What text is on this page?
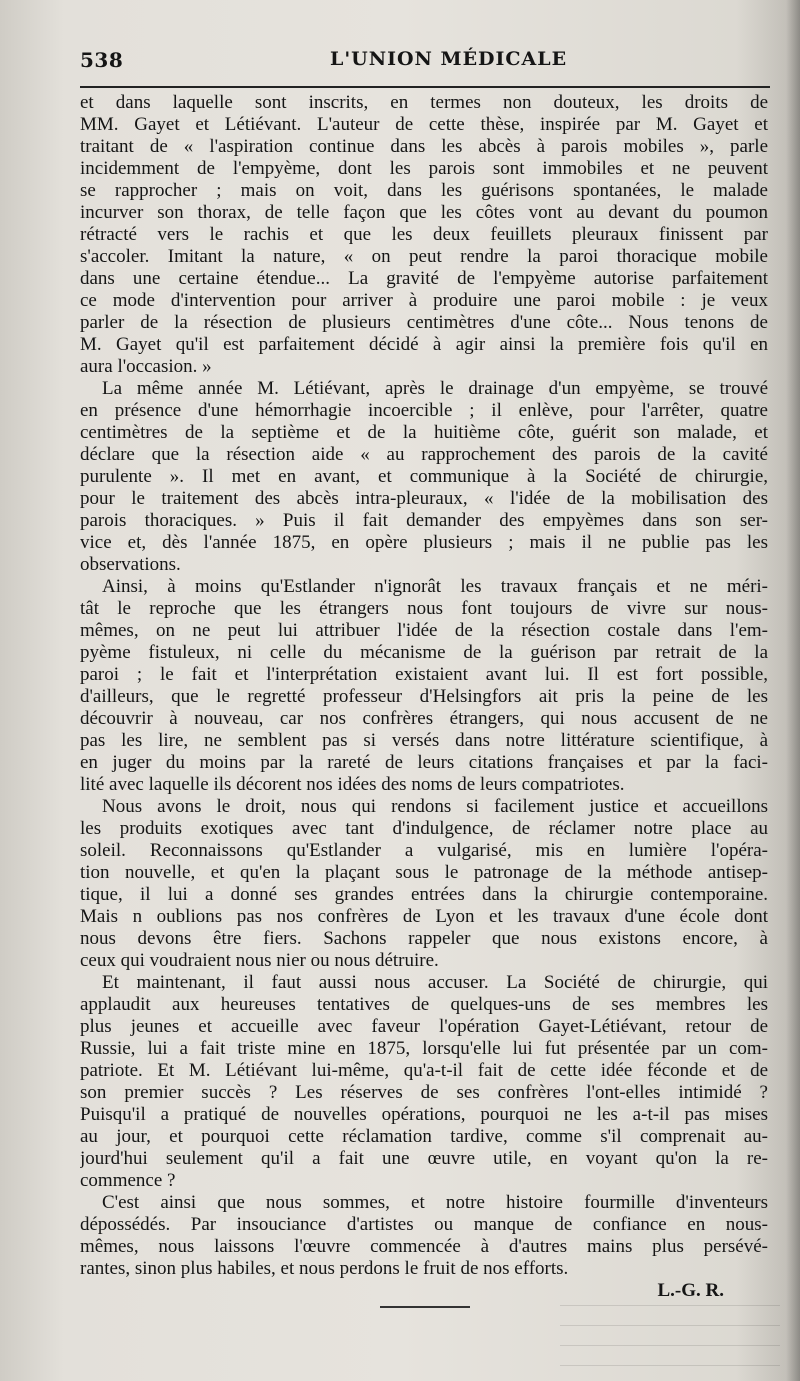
538	L'UNION MÉDICALE
et dans laquelle sont inscrits, en termes non douteux, les droits de
MM. Gayet et Létiévant. L'auteur de cette thèse, inspirée par M. Gayet et
traitant de « l'aspiration continue dans les abcès à parois mobiles », parle
incidemment de l'empyème, dont les parois sont immobiles et ne peuvent
se rapprocher ; mais on voit, dans les guérisons spontanées, le malade
incurver son thorax, de telle façon que les côtes vont au devant du poumon
rétracté vers le rachis et que les deux feuillets pleuraux finissent par
s'accoler. Imitant la nature, « on peut rendre la paroi thoracique mobile
dans une certaine étendue... La gravité de l'empyème autorise parfaitement
ce mode d'intervention pour arriver à produire une paroi mobile : je veux
parler de la résection de plusieurs centimètres d'une côte... Nous tenons de
M. Gayet qu'il est parfaitement décidé à agir ainsi la première fois qu'il en
aura l'occasion. »
La même année M. Létiévant, après le drainage d'un empyème, se trouvé
en présence d'une hémorrhagie incoercible ; il enlève, pour l'arrêter, quatre
centimètres de la septième et de la huitième côte, guérit son malade, et
déclare que la résection aide « au rapprochement des parois de la cavité
purulente ». Il met en avant, et communique à la Société de chirurgie,
pour le traitement des abcès intra-pleuraux, « l'idée de la mobilisation des
parois thoraciques. » Puis il fait demander des empyèmes dans son ser-
vice et, dès l'année 1875, en opère plusieurs ; mais il ne publie pas les
observations.
Ainsi, à moins qu'Estlander n'ignorât les travaux français et ne méri-
tât le reproche que les étrangers nous font toujours de vivre sur nous-
mêmes, on ne peut lui attribuer l'idée de la résection costale dans l'em-
pyème fistuleux, ni celle du mécanisme de la guérison par retrait de la
paroi ; le fait et l'interprétation existaient avant lui. Il est fort possible,
d'ailleurs, que le regretté professeur d'Helsingfors ait pris la peine de les
découvrir à nouveau, car nos confrères étrangers, qui nous accusent de ne
pas les lire, ne semblent pas si versés dans notre littérature scientifique, à
en juger du moins par la rareté de leurs citations françaises et par la faci-
lité avec laquelle ils décorent nos idées des noms de leurs compatriotes.
Nous avons le droit, nous qui rendons si facilement justice et accueillons
les produits exotiques avec tant d'indulgence, de réclamer notre place au
soleil. Reconnaissons qu'Estlander a vulgarisé, mis en lumière l'opéra-
tion nouvelle, et qu'en la plaçant sous le patronage de la méthode antisep-
tique, il lui a donné ses grandes entrées dans la chirurgie contemporaine.
Mais n oublions pas nos confrères de Lyon et les travaux d'une école dont
nous devons être fiers. Sachons rappeler que nous existons encore, à
ceux qui voudraient nous nier ou nous détruire.
Et maintenant, il faut aussi nous accuser. La Société de chirurgie, qui
applaudit aux heureuses tentatives de quelques-uns de ses membres les
plus jeunes et accueille avec faveur l'opération Gayet-Létiévant, retour de
Russie, lui a fait triste mine en 1875, lorsqu'elle lui fut présentée par un com-
patriote. Et M. Létiévant lui-même, qu'a-t-il fait de cette idée féconde et de
son premier succès ? Les réserves de ses confrères l'ont-elles intimidé ?
Puisqu'il a pratiqué de nouvelles opérations, pourquoi ne les a-t-il pas mises
au jour, et pourquoi cette réclamation tardive, comme s'il comprenait au-
jourd'hui seulement qu'il a fait une œuvre utile, en voyant qu'on la re-
commence ?
C'est ainsi que nous sommes, et notre histoire fourmille d'inventeurs
dépossédés. Par insouciance d'artistes ou manque de confiance en nous-
mêmes, nous laissons l'œuvre commencée à d'autres mains plus persévé-
rantes, sinon plus habiles, et nous perdons le fruit de nos efforts.
L.-G. R.
